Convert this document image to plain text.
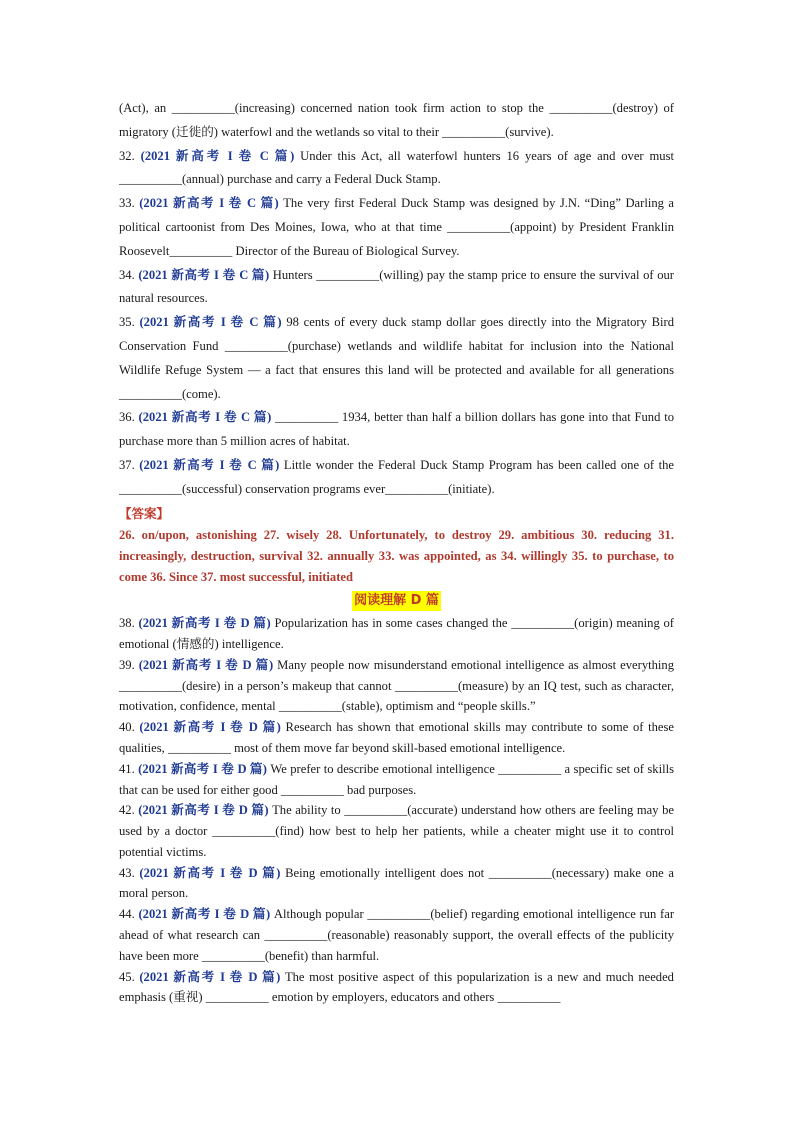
(Act), an __________(increasing) concerned nation took firm action to stop the __________(destroy) of migratory (迁徙的) waterfowl and the wetlands so vital to their __________(survive).

32. (2021 新高考 I 卷 C 篇) Under this Act, all waterfowl hunters 16 years of age and over must __________(annual) purchase and carry a Federal Duck Stamp.

33. (2021 新高考 I 卷 C 篇) The very first Federal Duck Stamp was designed by J.N. “Ding” Darling a political cartoonist from Des Moines, Iowa, who at that time __________(appoint) by President Franklin Roosevelt__________ Director of the Bureau of Biological Survey.

34. (2021 新高考 I 卷 C 篇) Hunters __________(willing) pay the stamp price to ensure the survival of our natural resources.

35. (2021 新高考 I 卷 C 篇) 98 cents of every duck stamp dollar goes directly into the Migratory Bird Conservation Fund __________(purchase) wetlands and wildlife habitat for inclusion into the National Wildlife Refuge System — a fact that ensures this land will be protected and available for all generations __________(come).

36. (2021 新高考 I 卷 C 篇) __________ 1934, better than half a billion dollars has gone into that Fund to purchase more than 5 million acres of habitat.

37. (2021 新高考 I 卷 C 篇) Little wonder the Federal Duck Stamp Program has been called one of the __________(successful) conservation programs ever__________(initiate).

【答案】

26. on/upon, astonishing 27. wisely 28. Unfortunately, to destroy 29. ambitious 30. reducing 31. increasingly, destruction, survival 32. annually 33. was appointed, as 34. willingly 35. to purchase, to come 36. Since 37. most successful, initiated

阅读理解 D 篇

38. (2021 新高考 I 卷 D 篇) Popularization has in some cases changed the __________(origin) meaning of emotional (情感的) intelligence.

39. (2021 新高考 I 卷 D 篇) Many people now misunderstand emotional intelligence as almost everything __________(desire) in a person’s makeup that cannot __________(measure) by an IQ test, such as character, motivation, confidence, mental __________(stable), optimism and “people skills.”

40. (2021 新高考 I 卷 D 篇) Research has shown that emotional skills may contribute to some of these qualities, __________ most of them move far beyond skill-based emotional intelligence.

41. (2021 新高考 I 卷 D 篇) We prefer to describe emotional intelligence __________ a specific set of skills that can be used for either good __________ bad purposes.

42. (2021 新高考 I 卷 D 篇) The ability to __________(accurate) understand how others are feeling may be used by a doctor __________(find) how best to help her patients, while a cheater might use it to control potential victims.

43. (2021 新高考 I 卷 D 篇) Being emotionally intelligent does not __________(necessary) make one a moral person.

44. (2021 新高考 I 卷 D 篇) Although popular __________(belief) regarding emotional intelligence run far ahead of what research can __________(reasonable) reasonably support, the overall effects of the publicity have been more __________(benefit) than harmful.

45. (2021 新高考 I 卷 D 篇) The most positive aspect of this popularization is a new and much needed emphasis (重视) __________ emotion by employers, educators and others __________
